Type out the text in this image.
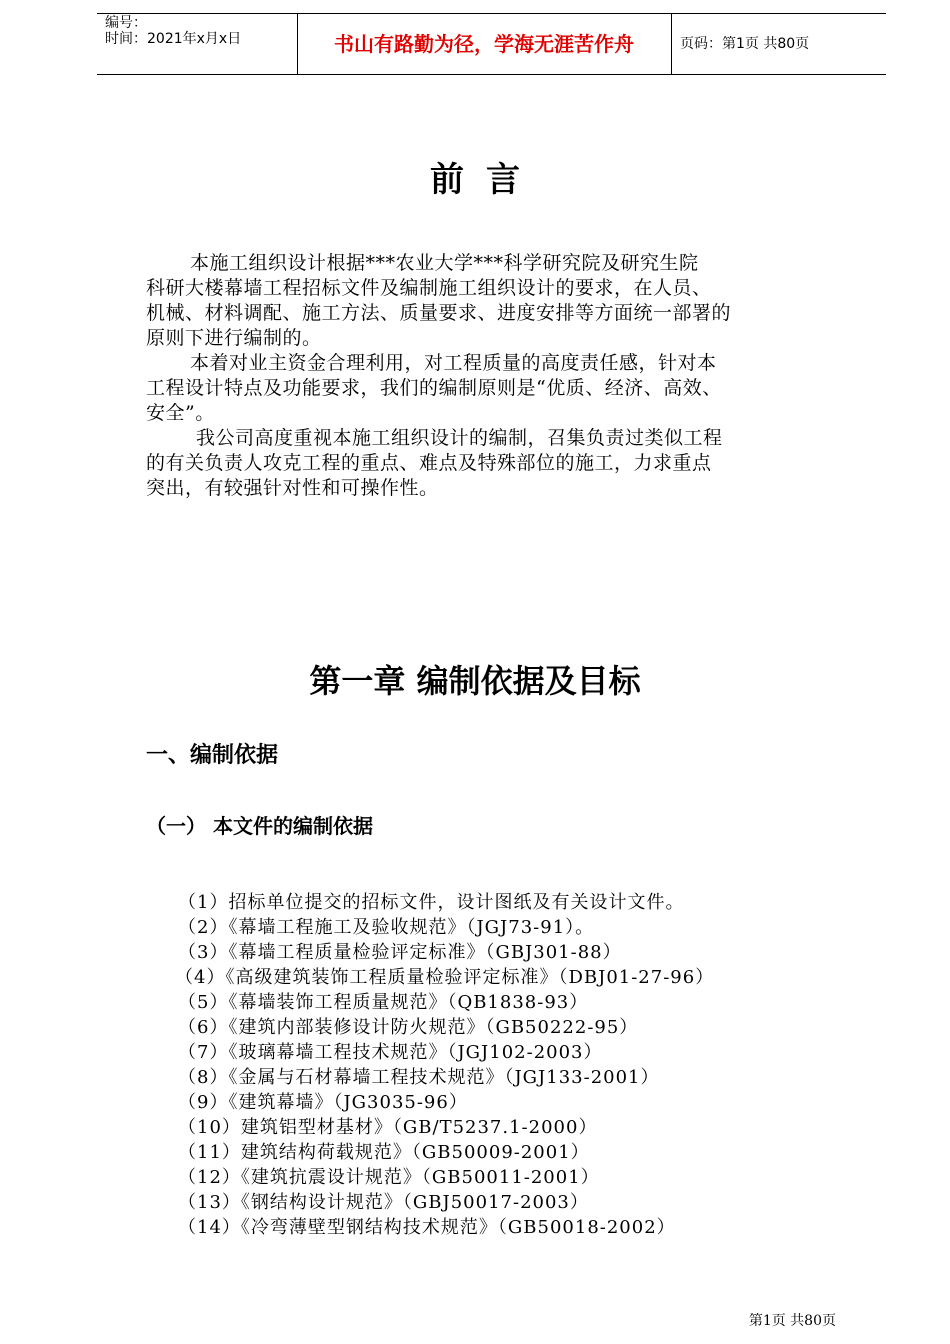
编号：
时间：2021年x月x日	书山有路勤为径，学海无涯苦作舟	页码：第1页 共80页
前言

本施工组织设计根据***农业大学***科学研究院及研究生院

科研大楼幕墙工程招标文件及编制施工组织设计的要求，在人员、

机械、材料调配、施工方法、质量要求、进度安排等方面统一部署的

原则下进行编制的。

本着对业主资金合理利用，对工程质量的高度责任感，针对本

工程设计特点及功能要求，我们的编制原则是“优质、经济、高效、

安全”。

我公司高度重视本施工组织设计的编制，召集负责过类似工程

的有关负责人攻克工程的重点、难点及特殊部位的施工，力求重点

突出，有较强针对性和可操作性。

第一章 编制依据及目标
一、编制依据
（一） 本文件的编制依据
（1）招标单位提交的招标文件，设计图纸及有关设计文件。
（2）《幕墙工程施工及验收规范》（JGJ73-91）。
（3）《幕墙工程质量检验评定标准》（GBJ301-88）
（4）《高级建筑装饰工程质量检验评定标准》（DBJ01-27-96）
（5）《幕墙装饰工程质量规范》（QB1838-93）
（6）《建筑内部装修设计防火规范》（GB50222-95）
（7）《玻璃幕墙工程技术规范》（JGJ102-2003）
（8）《金属与石材幕墙工程技术规范》（JGJ133-2001）
（9）《建筑幕墙》（JG3035-96）
（10）建筑铝型材基材》（GB/T5237.1-2000）
（11）建筑结构荷载规范》（GB50009-2001）
（12）《建筑抗震设计规范》（GB50011-2001）
（13）《钢结构设计规范》（GBJ50017-2003）
（14）《冷弯薄壁型钢结构技术规范》（GB50018-2002）
第1页 共80页
